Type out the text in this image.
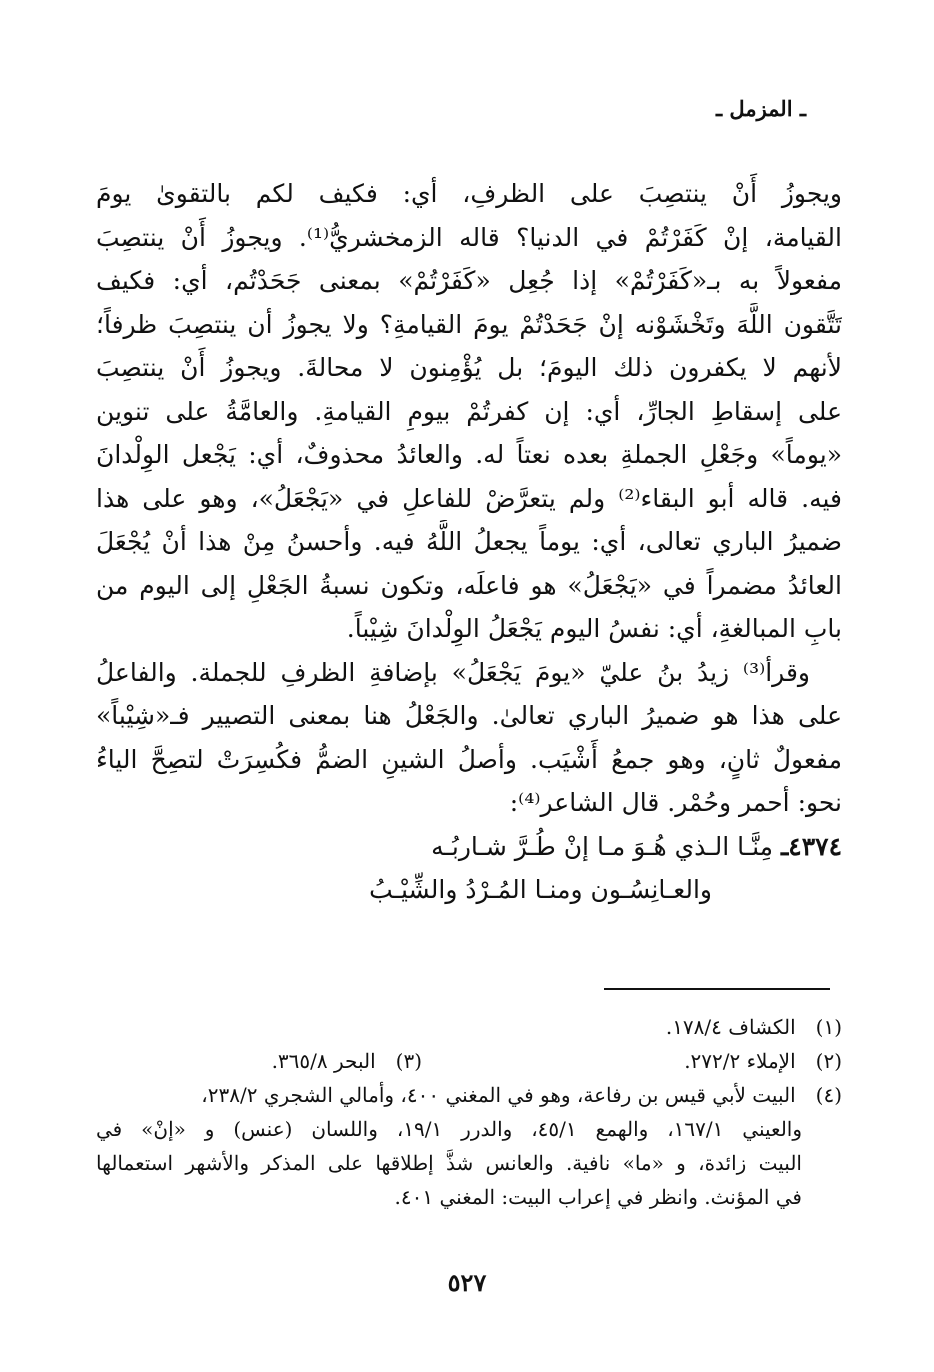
ـ المزمل ـ
ويجوزُ أَنْ ينتصِبَ على الظرفِ، أي: فكيف لكم بالتقوىٰ يومَ
القيامة، إنْ كَفَرْتُمْ في الدنيا؟ قاله الزمخشريُّ⁽¹⁾. ويجوزُ أَنْ ينتصِبَ
مفعولاً به بـ«كَفَرْتُمْ» إذا جُعِل «كَفَرْتُمْ» بمعنى جَحَدْتُم، أي: فكيف
تَتَّقون اللَّهَ وتَخْشَوْنه إنْ جَحَدْتُمْ يومَ القيامةِ؟ ولا يجوزُ أن ينتصِبَ ظرفاً؛
لأنهم لا يكفرون ذلك اليومَ؛ بل يُؤْمِنون لا محالةَ. ويجوزُ أَنْ ينتصِبَ
على إسقاطِ الجارِّ، أي: إن كفرتُمْ بيومِ القيامةِ. والعامَّةُ على تنوين
«يوماً» وجَعْلِ الجملةِ بعده نعتاً له. والعائدُ محذوفٌ، أي: يَجْعل الوِلْدانَ
فيه. قاله أبو البقاء⁽²⁾ ولم يتعرَّضْ للفاعلِ في «يَجْعَلُ»، وهو على هذا
ضميرُ الباري تعالى، أي: يوماً يجعلُ اللَّهُ فيه. وأحسنُ مِنْ هذا أنْ يُجْعَلَ
العائدُ مضمراً في «يَجْعَلُ» هو فاعلَه، وتكون نسبةُ الجَعْلِ إلى اليوم من
بابِ المبالغةِ، أي: نفسُ اليوم يَجْعَلُ الوِلْدانَ شِيْباً.
وقرأ⁽³⁾ زيدُ بنُ عليّ «يومَ يَجْعَلُ» بإضافةِ الظرفِ للجملة. والفاعلُ
على هذا هو ضميرُ الباري تعالىٰ. والجَعْلُ هنا بمعنى التصيير فـ«شِيْباً»
مفعولٌ ثانٍ، وهو جمعُ أَشْيَب. وأصلُ الشينِ الضمُّ فكُسِرَتْ لتصِحَّ الياءُ
نحو: أحمر وحُمْر. قال الشاعر⁽⁴⁾:
٤٣٧٤ـ مِنَّـا الـذي هُـوَ مـا إنْ طُـرَّ شـاربُـه
والعـانِسُـون ومنـا المُـرْدُ والشِّيْـبُ
(١) الكشاف ١٧٨/٤.
(٢) الإملاء ٢٧٢/٢.
(٣) البحر ٣٦٥/٨.
(٤) البيت لأبي قيس بن رفاعة، وهو في المغني ٤٠٠، وأمالي الشجري ٢٣٨/٢،
والعيني ١٦٧/١، والهمع ٤٥/١، والدرر ١٩/١، واللسان (عنس) و «إنْ» في
البيت زائدة، و «ما» نافية. والعانس شذَّ إطلاقها على المذكر والأشهر استعمالها
في المؤنث. وانظر في إعراب البيت: المغني ٤٠١.
٥٢٧
